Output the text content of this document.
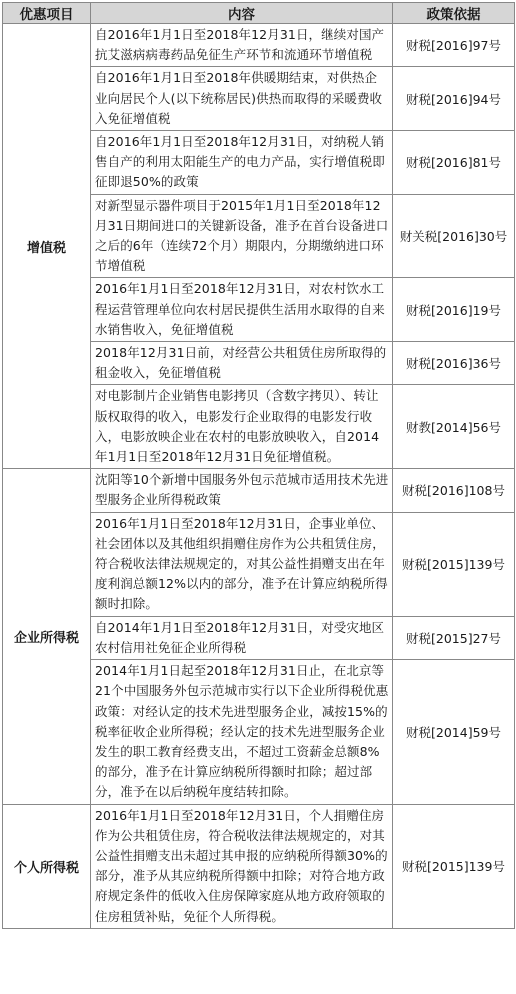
优惠项目	内容	政策依据
增值税	自2016年1月1日至2018年12月31日，继续对国产抗艾滋病病毒药品免征生产环节和流通环节增值税	财税[2016]97号
	自2016年1月1日至2018年供暖期结束，对供热企业向居民个人(以下统称居民)供热而取得的采暖费收入免征增值税	财税[2016]94号
	自2016年1月1日至2018年12月31日，对纳税人销售自产的利用太阳能生产的电力产品，实行增值税即征即退50%的政策	财税[2016]81号
	对新型显示器件项目于2015年1月1日至2018年12月31日期间进口的关键新设备，准予在首台设备进口之后的6年（连续72个月）期限内，分期缴纳进口环节增值税	财关税[2016]30号
	2016年1月1日至2018年12月31日，对农村饮水工程运营管理单位向农村居民提供生活用水取得的自来水销售收入，免征增值税	财税[2016]19号
	2018年12月31日前，对经营公共租赁住房所取得的租金收入，免征增值税	财税[2016]36号
	对电影制片企业销售电影拷贝（含数字拷贝）、转让版权取得的收入，电影发行企业取得的电影发行收入，电影放映企业在农村的电影放映收入，自2014年1月1日至2018年12月31日免征增值税。	财教[2014]56号
企业所得税	沈阳等10个新增中国服务外包示范城市适用技术先进型服务企业所得税政策	财税[2016]108号
	2016年1月1日至2018年12月31日，企事业单位、社会团体以及其他组织捐赠住房作为公共租赁住房，符合税收法律法规规定的，对其公益性捐赠支出在年度利润总额12%以内的部分，准予在计算应纳税所得额时扣除。	财税[2015]139号
	自2014年1月1日至2018年12月31日，对受灾地区农村信用社免征企业所得税	财税[2015]27号
	2014年1月1日起至2018年12月31日止，在北京等21个中国服务外包示范城市实行以下企业所得税优惠政策：对经认定的技术先进型服务企业，减按15%的税率征收企业所得税；经认定的技术先进型服务企业发生的职工教育经费支出，不超过工资薪金总额8%的部分，准予在计算应纳税所得额时扣除；超过部分，准予在以后纳税年度结转扣除。	财税[2014]59号
个人所得税	2016年1月1日至2018年12月31日，个人捐赠住房作为公共租赁住房，符合税收法律法规规定的，对其公益性捐赠支出未超过其申报的应纳税所得额30%的部分，准予从其应纳税所得额中扣除；对符合地方政府规定条件的低收入住房保障家庭从地方政府领取的住房租赁补贴，免征个人所得税。	财税[2015]139号
